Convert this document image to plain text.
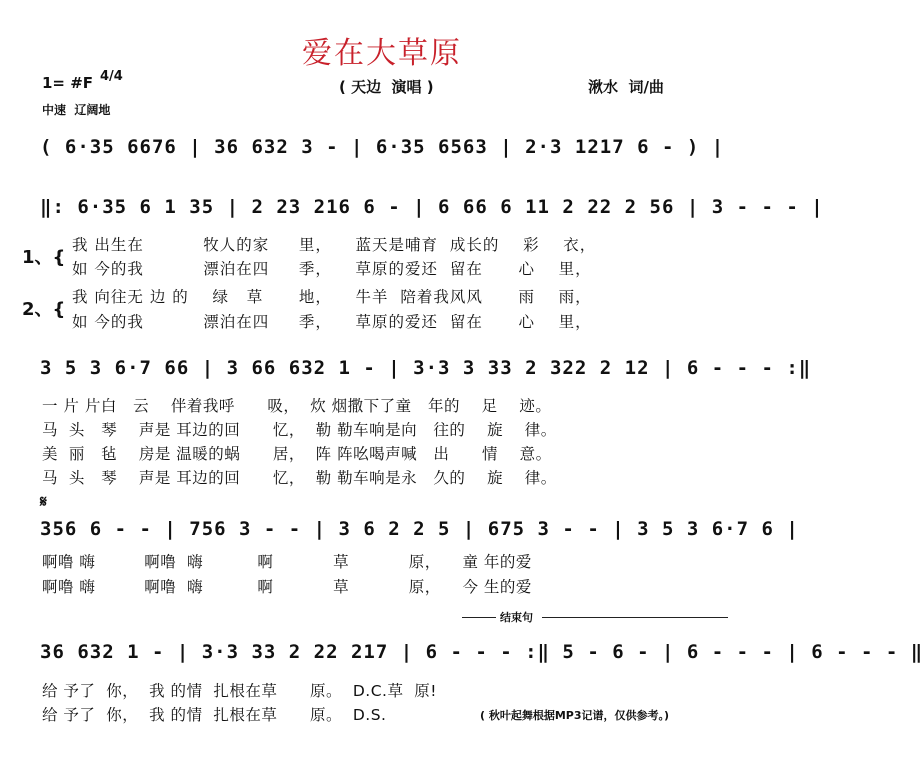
爱在大草原
1= #F 4/4
中速  辽阔地
( 天边  演唱 )	湫水  词/曲
( 6·35 6676 | 36 632 3 - | 6·35 6563 | 2·3 1217 6 - ) |
‖: 6·35 6 1 35 | 2 23 216 6 - | 6 66 6 11 2 22 2 56 | 3 - - - |
1、{
2、{
我 出生在          牧人的家     里，    蓝天是哺育  成长的    彩    衣，
如 今的我          漂泊在四     季，    草原的爱还  留在      心    里，
我 向往无 边 的    绿   草      地，    牛羊  陪着我风风      雨    雨，
如 今的我          漂泊在四     季，    草原的爱还  留在      心    里，
3 5 3 6·7 66 | 3 66 632 1 - | 3·3 3 33 2 322 2 12 | 6 - - - :‖
一 片 片白   云    伴着我呼      吸，  炊 烟撒下了童   年的    足    迹。
马  头   琴    声是 耳边的回      忆，  勒 勒车响是向   往的    旋    律。
美  丽   毡    房是 温暖的蜗      居，  阵 阵吆喝声喊   出      情    意。
马  头   琴    声是 耳边的回      忆，  勒 勒车响是永   久的    旋    律。
𝄋
356 6 - - | 756 3 - - | 3 6 2 2 5 | 675 3 - - | 3 5 3 6·7 6 |
啊噜 嗨         啊噜  嗨          啊           草           原，    童 年的爱
啊噜 嗨         啊噜  嗨          啊           草           原，    今 生的爱
结束句
36 632 1 - | 3·3 33 2 22 217 | 6 - - - :‖ 5 - 6 - | 6 - - - | 6 - - - ‖
给 予了  你，  我 的情  扎根在草      原。  D.C.草  原!
给 予了  你，  我 的情  扎根在草      原。  D.S.	( 秋叶起舞根据MP3记谱，仅供参考。)
